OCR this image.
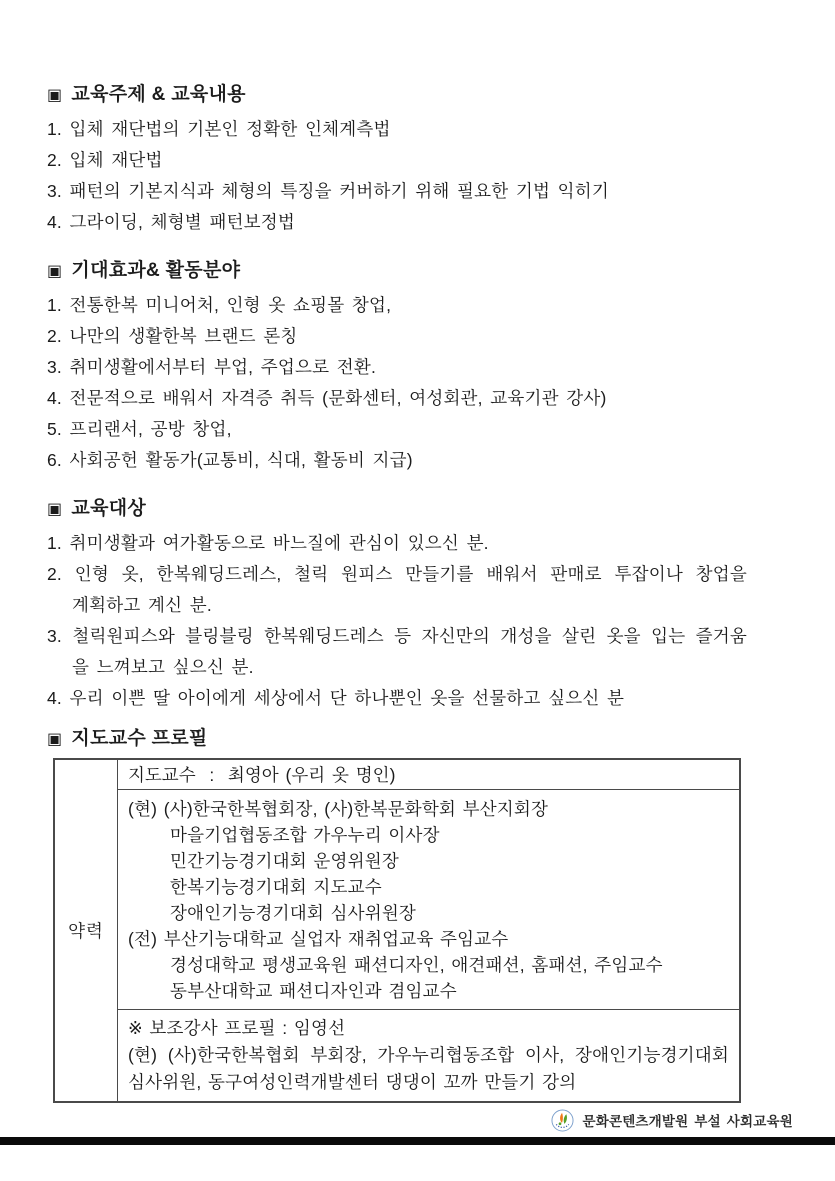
▣ 교육주제 & 교육내용
1. 입체 재단법의 기본인 정확한 인체계측법
2. 입체 재단법
3. 패턴의 기본지식과 체형의 특징을 커버하기 위해 필요한 기법 익히기
4. 그라이딩, 체형별 패턴보정법
▣ 기대효과& 활동분야
1. 전통한복 미니어처, 인형 옷 쇼핑몰 창업,
2. 나만의 생활한복 브랜드 론칭
3. 취미생활에서부터 부업, 주업으로 전환.
4. 전문적으로 배워서 자격증 취득 (문화센터, 여성회관, 교육기관 강사)
5. 프리랜서, 공방 창업,
6. 사회공헌 활동가(교통비, 식대, 활동비 지급)
▣ 교육대상
1. 취미생활과 여가활동으로 바느질에 관심이 있으신 분.
2. 인형 옷, 한복웨딩드레스, 철릭 원피스 만들기를 배워서 판매로 투잡이나 창업을
계획하고 계신 분.
3. 철릭원피스와 블링블링 한복웨딩드레스 등 자신만의 개성을 살린 옷을 입는 즐거움
을 느껴보고 싶으신 분.
4. 우리 이쁜 딸 아이에게 세상에서 단 하나뿐인 옷을 선물하고 싶으신 분
▣ 지도교수 프로필
약력	지도교수  :  최영아 (우리 옷 명인)

(현) (사)한국한복협회장, (사)한복문화학회 부산지회장
마을기업협동조합 가우누리 이사장
민간기능경기대회 운영위원장
한복기능경기대회 지도교수
장애인기능경기대회 심사위원장
(전) 부산기능대학교 실업자 재취업교육 주임교수
경성대학교 평생교육원 패션디자인, 애견패션, 홈패션, 주임교수
동부산대학교 패션디자인과 겸임교수

※ 보조강사 프로필 : 임영선
(현) (사)한국한복협회 부회장, 가우누리협동조합 이사, 장애인기능경기대회 심사위원, 동구여성인력개발센터 댕댕이 꼬까 만들기 강의
문화콘텐츠개발원 부설 사회교육원
